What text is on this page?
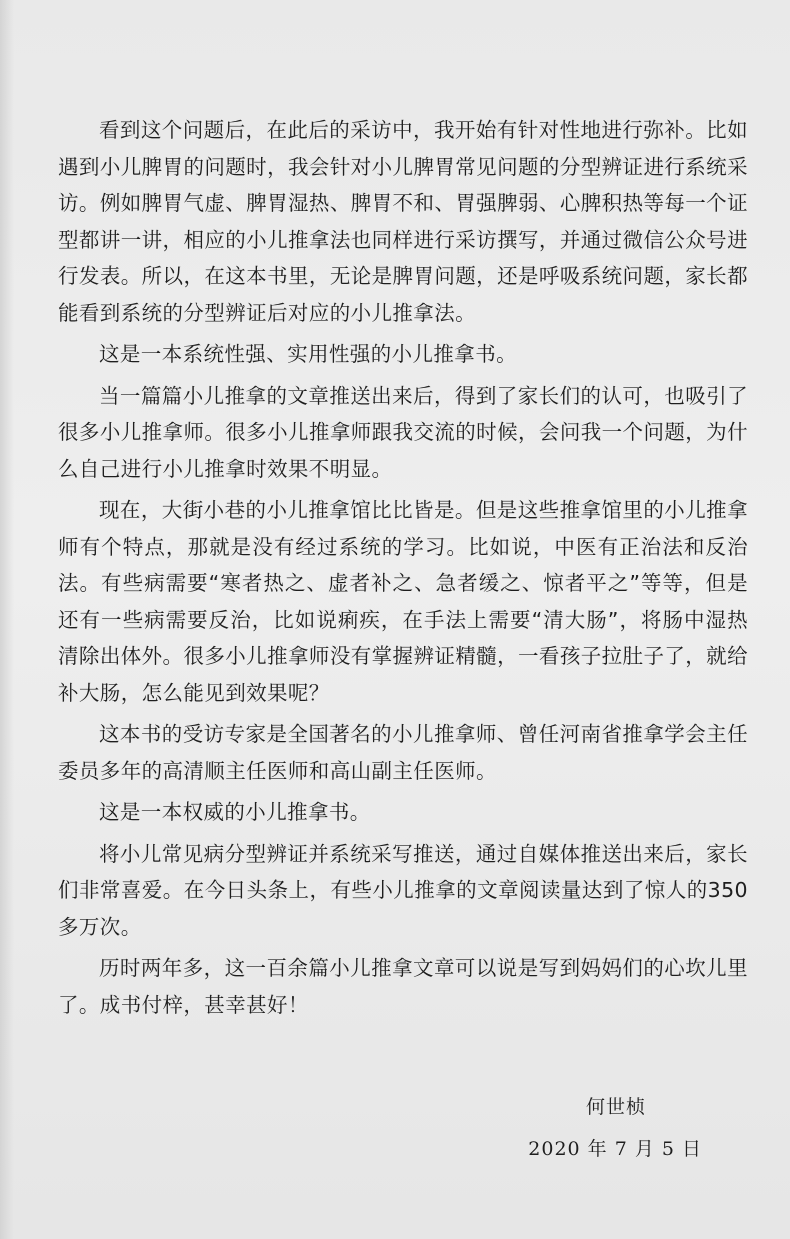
看到这个问题后，在此后的采访中，我开始有针对性地进行弥补。比如遇到小儿脾胃的问题时，我会针对小儿脾胃常见问题的分型辨证进行系统采访。例如脾胃气虚、脾胃湿热、脾胃不和、胃强脾弱、心脾积热等每一个证型都讲一讲，相应的小儿推拿法也同样进行采访撰写，并通过微信公众号进行发表。所以，在这本书里，无论是脾胃问题，还是呼吸系统问题，家长都能看到系统的分型辨证后对应的小儿推拿法。

这是一本系统性强、实用性强的小儿推拿书。

当一篇篇小儿推拿的文章推送出来后，得到了家长们的认可，也吸引了很多小儿推拿师。很多小儿推拿师跟我交流的时候，会问我一个问题，为什么自己进行小儿推拿时效果不明显。

现在，大街小巷的小儿推拿馆比比皆是。但是这些推拿馆里的小儿推拿师有个特点，那就是没有经过系统的学习。比如说，中医有正治法和反治法。有些病需要“寒者热之、虚者补之、急者缓之、惊者平之”等等，但是还有一些病需要反治，比如说痢疾，在手法上需要“清大肠”，将肠中湿热清除出体外。很多小儿推拿师没有掌握辨证精髓，一看孩子拉肚子了，就给补大肠，怎么能见到效果呢？

这本书的受访专家是全国著名的小儿推拿师、曾任河南省推拿学会主任委员多年的高清顺主任医师和高山副主任医师。

这是一本权威的小儿推拿书。

将小儿常见病分型辨证并系统采写推送，通过自媒体推送出来后，家长们非常喜爱。在今日头条上，有些小儿推拿的文章阅读量达到了惊人的350多万次。

历时两年多，这一百余篇小儿推拿文章可以说是写到妈妈们的心坎儿里了。成书付梓，甚幸甚好！

何世桢
2020 年 7 月 5 日
